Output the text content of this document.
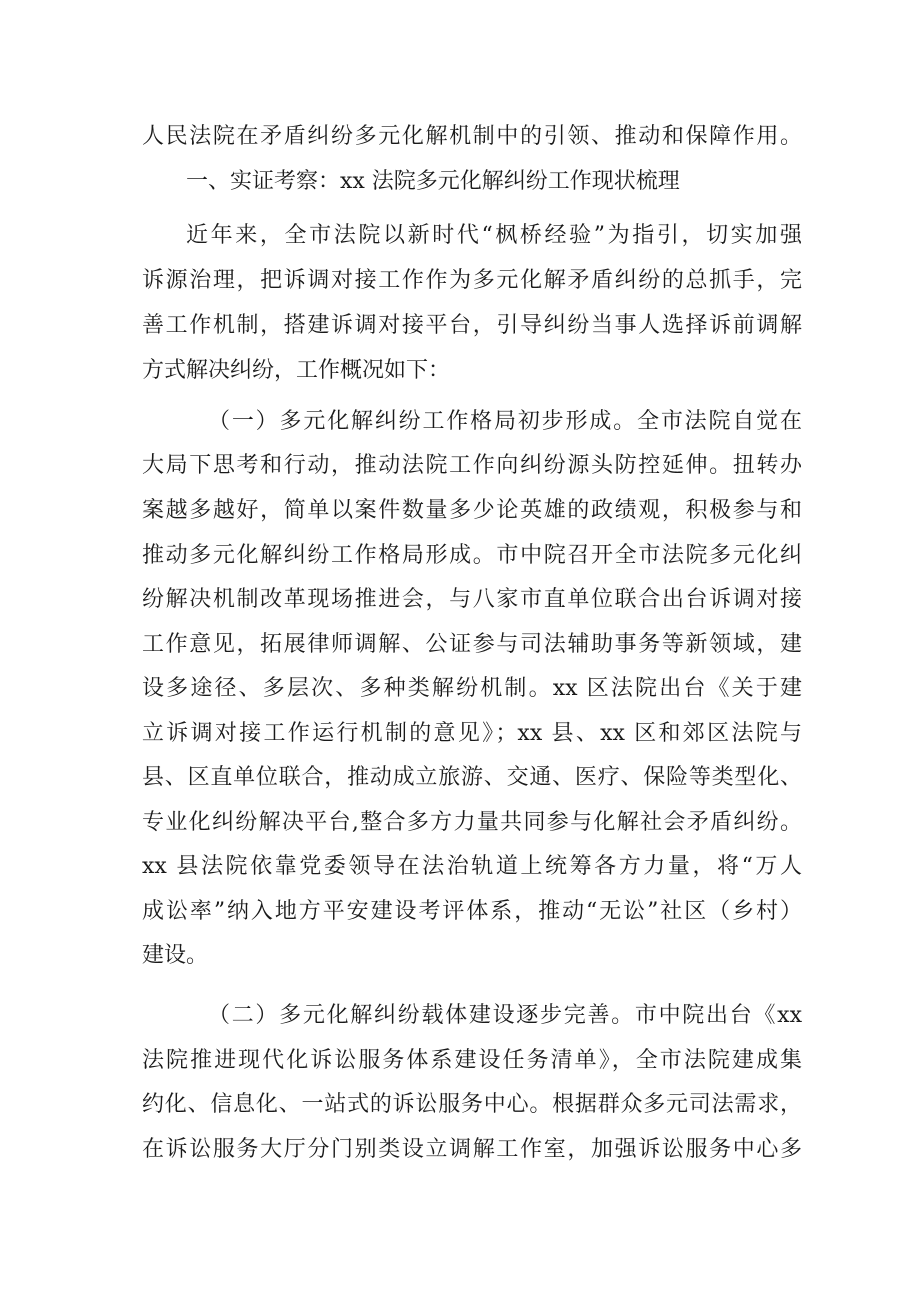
人民法院在矛盾纠纷多元化解机制中的引领、推动和保障作用。
一、实证考察：xx 法院多元化解纠纷工作现状梳理
近年来，全市法院以新时代“枫桥经验”为指引，切实加强
诉源治理，把诉调对接工作作为多元化解矛盾纠纷的总抓手，完
善工作机制，搭建诉调对接平台，引导纠纷当事人选择诉前调解
方式解决纠纷，工作概况如下：
（一）多元化解纠纷工作格局初步形成。全市法院自觉在
大局下思考和行动，推动法院工作向纠纷源头防控延伸。扭转办
案越多越好，简单以案件数量多少论英雄的政绩观，积极参与和
推动多元化解纠纷工作格局形成。市中院召开全市法院多元化纠
纷解决机制改革现场推进会，与八家市直单位联合出台诉调对接
工作意见，拓展律师调解、公证参与司法辅助事务等新领域，建
设多途径、多层次、多种类解纷机制。xx 区法院出台《关于建
立诉调对接工作运行机制的意见》；xx 县、xx 区和郊区法院与
县、区直单位联合，推动成立旅游、交通、医疗、保险等类型化、
专业化纠纷解决平台,整合多方力量共同参与化解社会矛盾纠纷。
xx 县法院依靠党委领导在法治轨道上统筹各方力量，将“万人
成讼率”纳入地方平安建设考评体系，推动“无讼”社区（乡村）
建设。
（二）多元化解纠纷载体建设逐步完善。市中院出台《xx
法院推进现代化诉讼服务体系建设任务清单》，全市法院建成集
约化、信息化、一站式的诉讼服务中心。根据群众多元司法需求，
在诉讼服务大厅分门别类设立调解工作室，加强诉讼服务中心多
